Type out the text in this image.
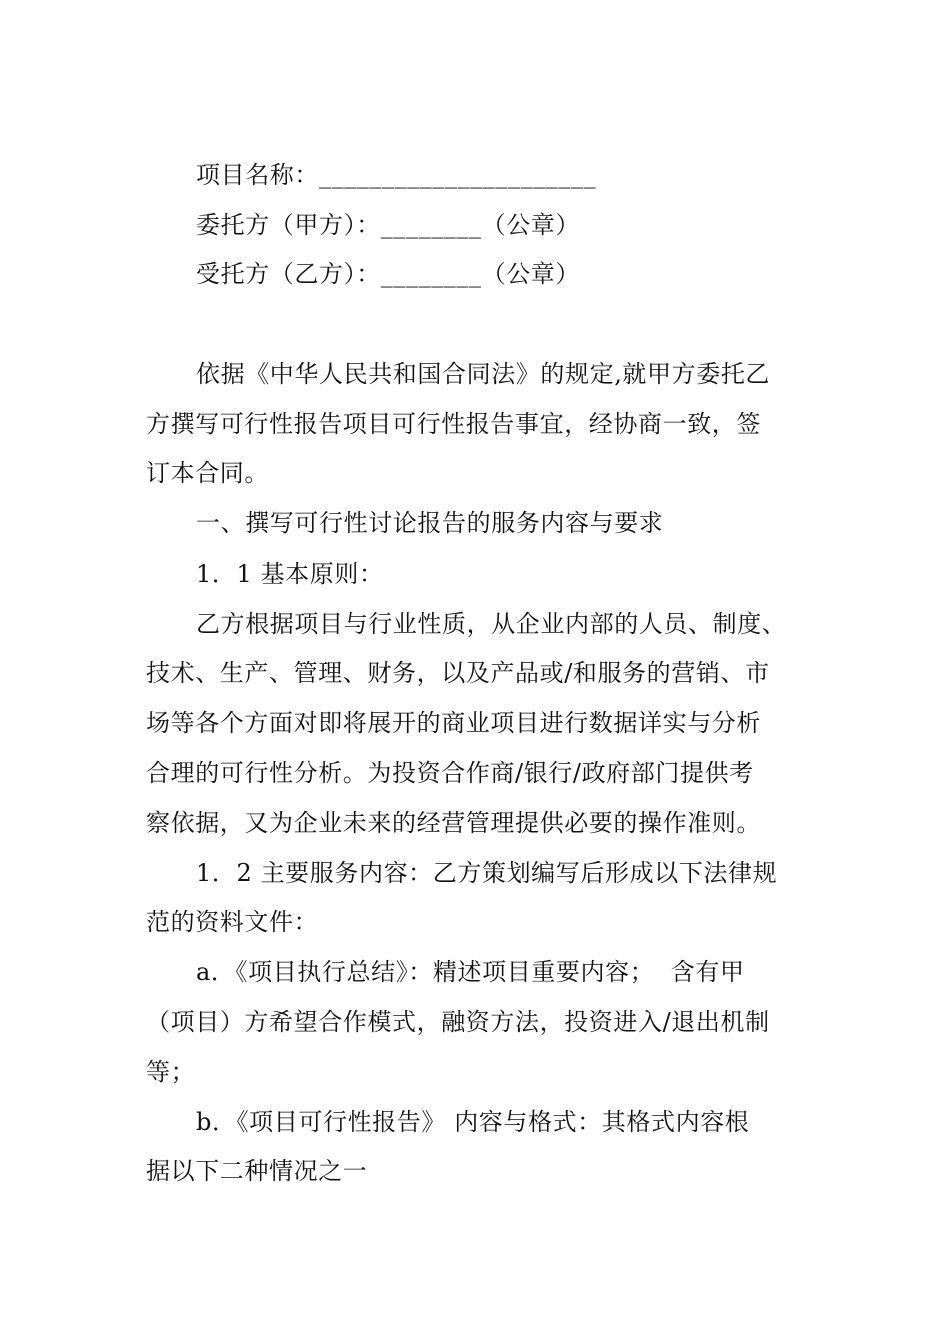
项目名称：______________________
委托方（甲方）：________（公章）
受托方（乙方）：________（公章）
依据《中华人民共和国合同法》的规定,就甲方委托乙
方撰写可行性报告项目可行性报告事宜，经协商一致，签
订本合同。
一、撰写可行性讨论报告的服务内容与要求
1．1 基本原则：
乙方根据项目与行业性质，从企业内部的人员、制度、
技术、生产、管理、财务，以及产品或/和服务的营销、市
场等各个方面对即将展开的商业项目进行数据详实与分析
合理的可行性分析。为投资合作商/银行/政府部门提供考
察依据，又为企业未来的经营管理提供必要的操作准则。
1．2 主要服务内容：乙方策划编写后形成以下法律规
范的资料文件：
a．《项目执行总结》：精述项目重要内容；  含有甲
（项目）方希望合作模式，融资方法，投资进入/退出机制
等；
b．《项目可行性报告》 内容与格式：其格式内容根
据以下二种情况之一
